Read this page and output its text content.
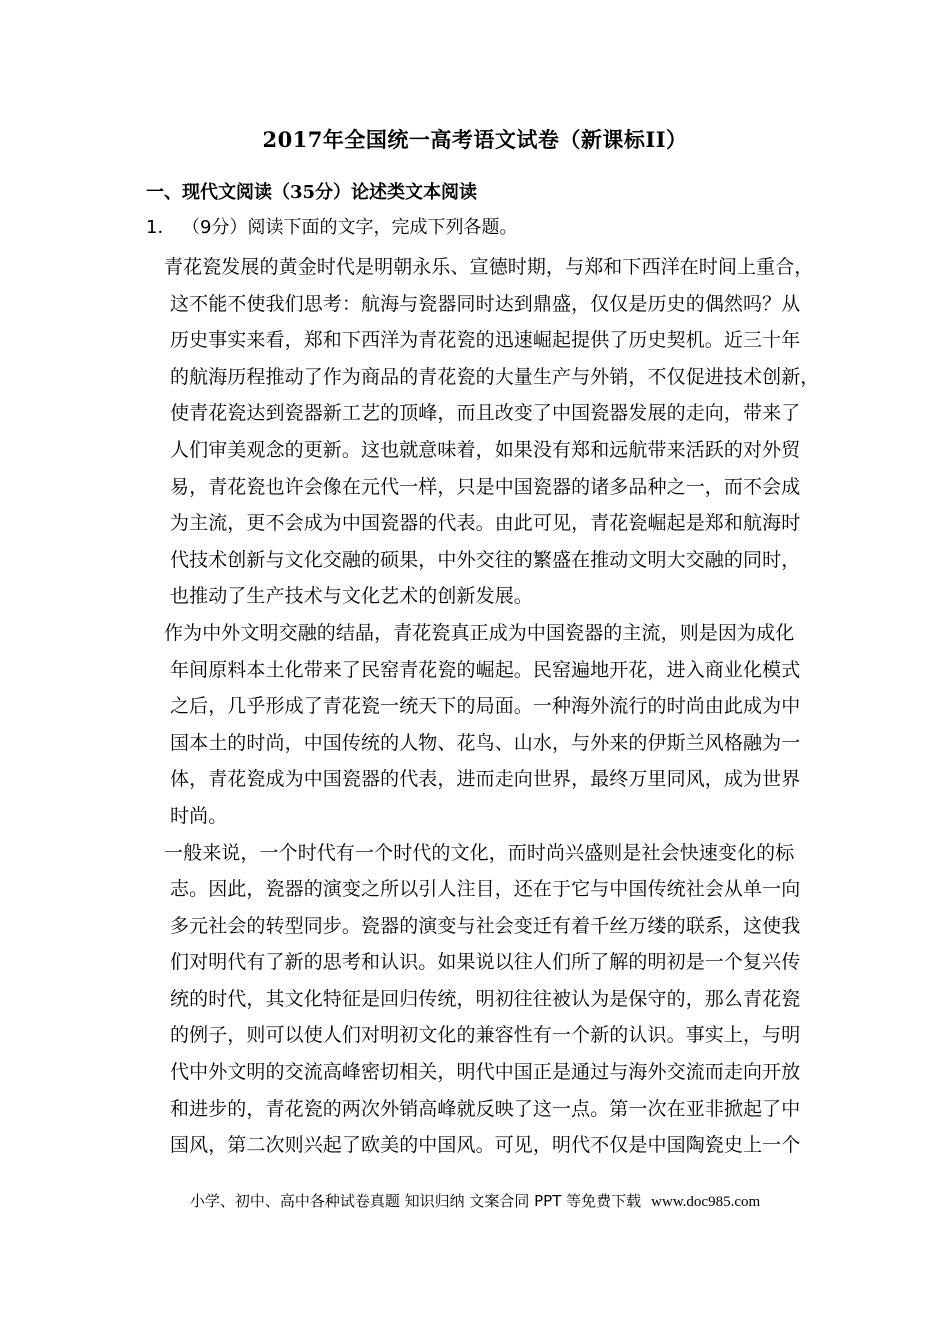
2017年全国统一高考语文试卷（新课标II）
一、现代文阅读（35分）论述类文本阅读
1． （9分）阅读下面的文字，完成下列各题。
青花瓷发展的黄金时代是明朝永乐、宣德时期，与郑和下西洋在时间上重合，
这不能不使我们思考：航海与瓷器同时达到鼎盛，仅仅是历史的偶然吗？从
历史事实来看，郑和下西洋为青花瓷的迅速崛起提供了历史契机。近三十年
的航海历程推动了作为商品的青花瓷的大量生产与外销，不仅促进技术创新，
使青花瓷达到瓷器新工艺的顶峰，而且改变了中国瓷器发展的走向，带来了
人们审美观念的更新。这也就意味着，如果没有郑和远航带来活跃的对外贸
易，青花瓷也许会像在元代一样，只是中国瓷器的诸多品种之一，而不会成
为主流，更不会成为中国瓷器的代表。由此可见，青花瓷崛起是郑和航海时
代技术创新与文化交融的硕果，中外交往的繁盛在推动文明大交融的同时，
也推动了生产技术与文化艺术的创新发展。
作为中外文明交融的结晶，青花瓷真正成为中国瓷器的主流，则是因为成化
年间原料本土化带来了民窑青花瓷的崛起。民窑遍地开花，进入商业化模式
之后，几乎形成了青花瓷一统天下的局面。一种海外流行的时尚由此成为中
国本土的时尚，中国传统的人物、花鸟、山水，与外来的伊斯兰风格融为一
体，青花瓷成为中国瓷器的代表，进而走向世界，最终万里同风，成为世界
时尚。
一般来说，一个时代有一个时代的文化，而时尚兴盛则是社会快速变化的标
志。因此，瓷器的演变之所以引人注目，还在于它与中国传统社会从单一向
多元社会的转型同步。瓷器的演变与社会变迁有着千丝万缕的联系，这使我
们对明代有了新的思考和认识。如果说以往人们所了解的明初是一个复兴传
统的时代，其文化特征是回归传统，明初往往被认为是保守的，那么青花瓷
的例子，则可以使人们对明初文化的兼容性有一个新的认识。事实上，与明
代中外文明的交流高峰密切相关，明代中国正是通过与海外交流而走向开放
和进步的，青花瓷的两次外销高峰就反映了这一点。第一次在亚非掀起了中
国风，第二次则兴起了欧美的中国风。可见，明代不仅是中国陶瓷史上一个
小学、初中、高中各种试卷真题 知识归纳 文案合同 PPT 等免费下载 www.doc985.com
